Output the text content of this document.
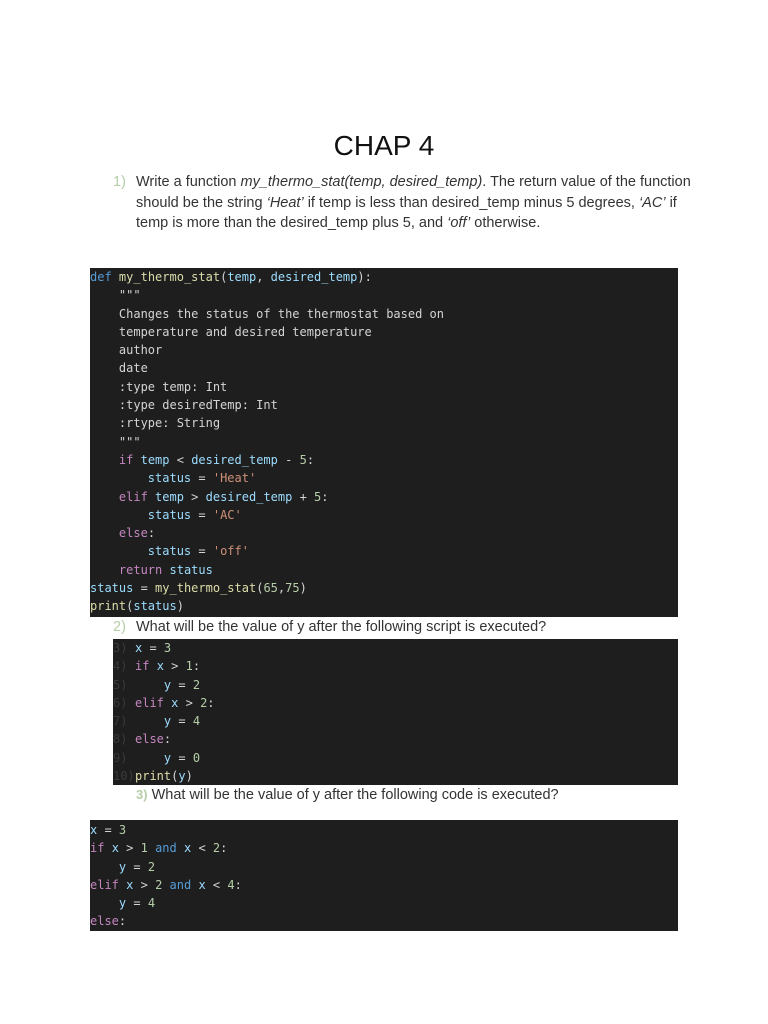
CHAP 4
1) Write a function my_thermo_stat(temp, desired_temp). The return value of the function should be the string ‘Heat’ if temp is less than desired_temp minus 5 degrees, ‘AC’ if temp is more than the desired_temp plus 5, and ‘off’ otherwise.
def my_thermo_stat(temp, desired_temp):
"""
Changes the status of the thermostat based on
temperature and desired temperature
author
date
:type temp: Int
:type desiredTemp: Int
:rtype: String
"""
if temp < desired_temp - 5:
status = 'Heat'
elif temp > desired_temp + 5:
status = 'AC'
else:
status = 'off'
return status
status = my_thermo_stat(65,75)
print(status)
2) What will be the value of y after the following script is executed?
3) x = 3
4) if x > 1:
5)	y = 2
6) elif x > 2:
7)	y = 4
8) else:
9)	y = 0
10)print(y)
3) What will be the value of y after the following code is executed?
x = 3
if x > 1 and x < 2:
y = 2
elif x > 2 and x < 4:
y = 4
else:
